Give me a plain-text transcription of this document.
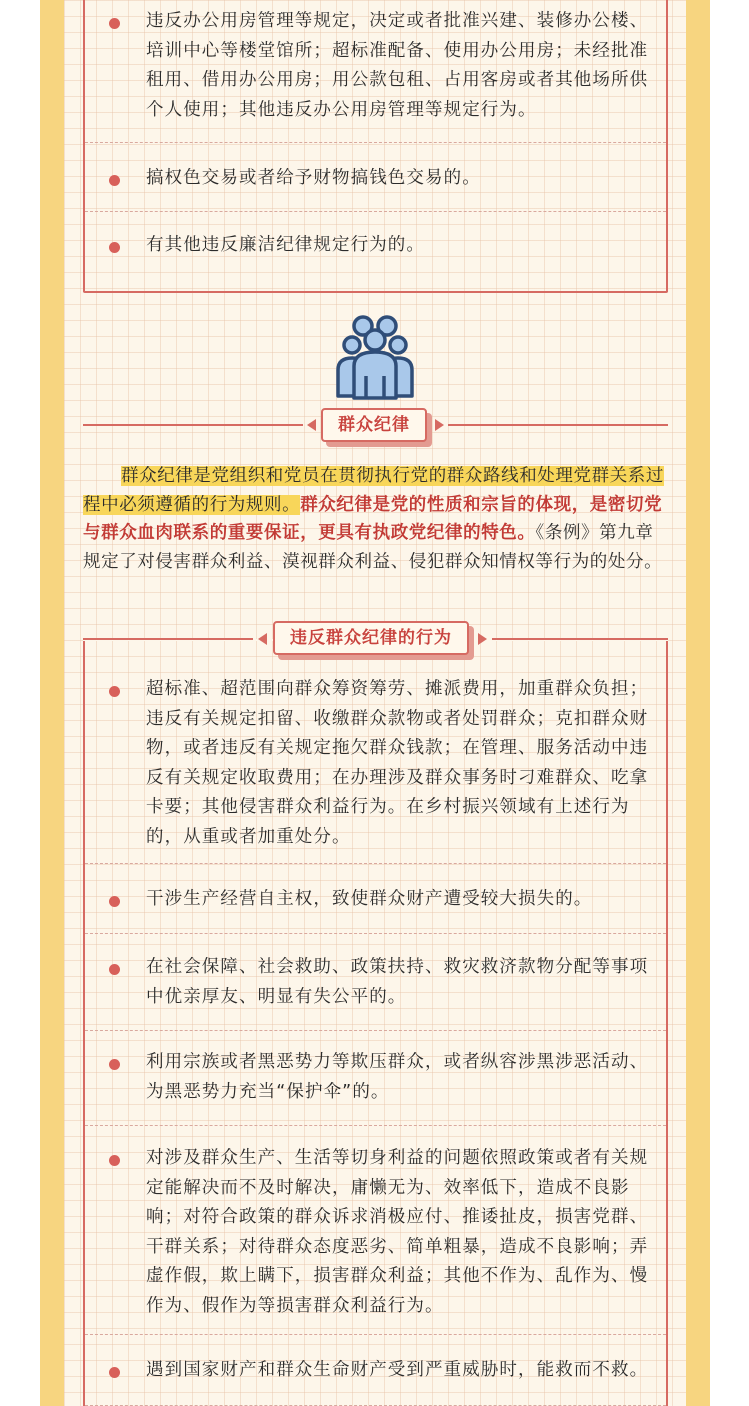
违反办公用房管理等规定，决定或者批准兴建、装修办公楼、培训中心等楼堂馆所；超标准配备、使用办公用房；未经批准租用、借用办公用房；用公款包租、占用客房或者其他场所供个人使用；其他违反办公用房管理等规定行为。
搞权色交易或者给予财物搞钱色交易的。
有其他违反廉洁纪律规定行为的。
群众纪律
群众纪律是党组织和党员在贯彻执行党的群众路线和处理党群关系过程中必须遵循的行为规则。群众纪律是党的性质和宗旨的体现，是密切党与群众血肉联系的重要保证，更具有执政党纪律的特色。《条例》第九章规定了对侵害群众利益、漠视群众利益、侵犯群众知情权等行为的处分。
超标准、超范围向群众筹资筹劳、摊派费用，加重群众负担；违反有关规定扣留、收缴群众款物或者处罚群众；克扣群众财物，或者违反有关规定拖欠群众钱款；在管理、服务活动中违反有关规定收取费用；在办理涉及群众事务时刁难群众、吃拿卡要；其他侵害群众利益行为。在乡村振兴领域有上述行为的，从重或者加重处分。
干涉生产经营自主权，致使群众财产遭受较大损失的。
在社会保障、社会救助、政策扶持、救灾救济款物分配等事项中优亲厚友、明显有失公平的。
利用宗族或者黑恶势力等欺压群众，或者纵容涉黑涉恶活动、为黑恶势力充当“保护伞”的。
对涉及群众生产、生活等切身利益的问题依照政策或者有关规定能解决而不及时解决，庸懒无为、效率低下，造成不良影响；对符合政策的群众诉求消极应付、推诿扯皮，损害党群、干群关系；对待群众态度恶劣、简单粗暴，造成不良影响；弄虚作假，欺上瞒下，损害群众利益；其他不作为、乱作为、慢作为、假作为等损害群众利益行为。
遇到国家财产和群众生命财产受到严重威胁时，能救而不救。
违反群众纪律的行为
